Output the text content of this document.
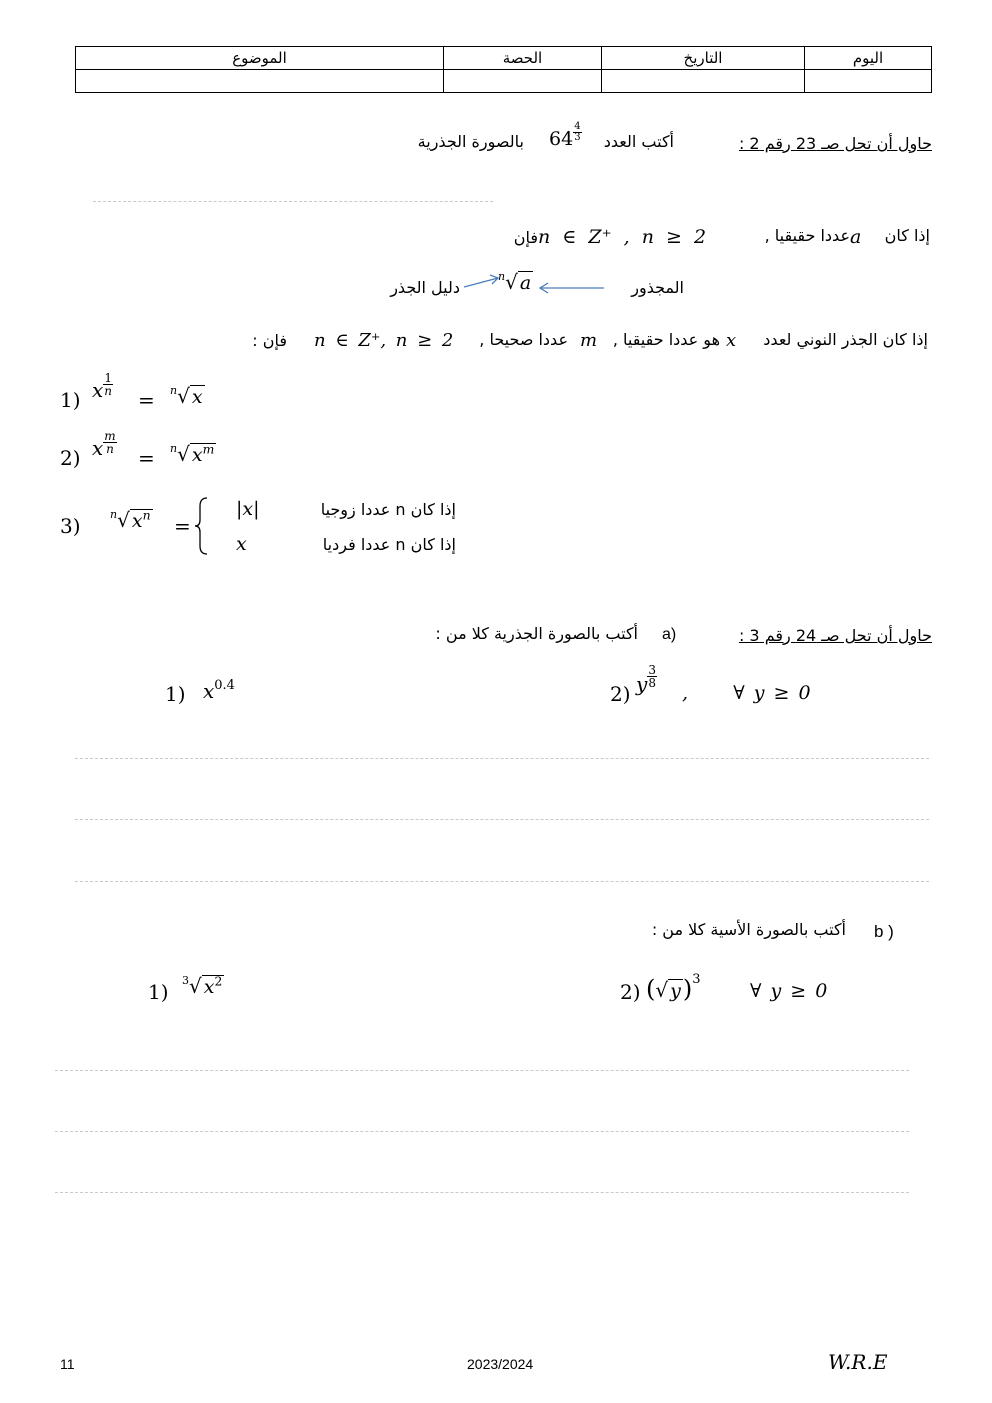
الموضوع	الحصة	التاريخ	اليوم

حاول أن تحل صـ 23 رقم 2 :
أكتب العدد
$64 \frac{4}{3}$
بالصورة الجذرية
إذا كان
a
عددا حقيقيا ,
n ∈ Z⁺ , n ≥ 2
فإن
دليل الجذر
$^n$√ a	المجذور
إذا كان الجذر النوني لعدد
x
هو عددا حقيقيا ,
m
عددا صحيحا ,
n ∈ Z⁺, n ≥ 2
فإن :
1) x $\frac{1}{n}$
= $^n$√ x
2) x $\frac{m}{n}$
= $^n$√ $x^m$
3)	$^n$√ $x^n$ =
|x|	إذا كان n عددا زوجيا
x	إذا كان n عددا فرديا
حاول أن تحل صـ 24 رقم 3 :
a)
أكتب بالصورة الجذرية كلا من :
1) $x^{0.4}$	2) y $\frac{3}{8}$
,     ∀ y ≥ 0
b )
أكتب بالصورة الأسية كلا من :
1) $^3$√ $x^2$	2) (√ y)$^3$
∀ y ≥ 0
11	2023/2024	W.R.E
